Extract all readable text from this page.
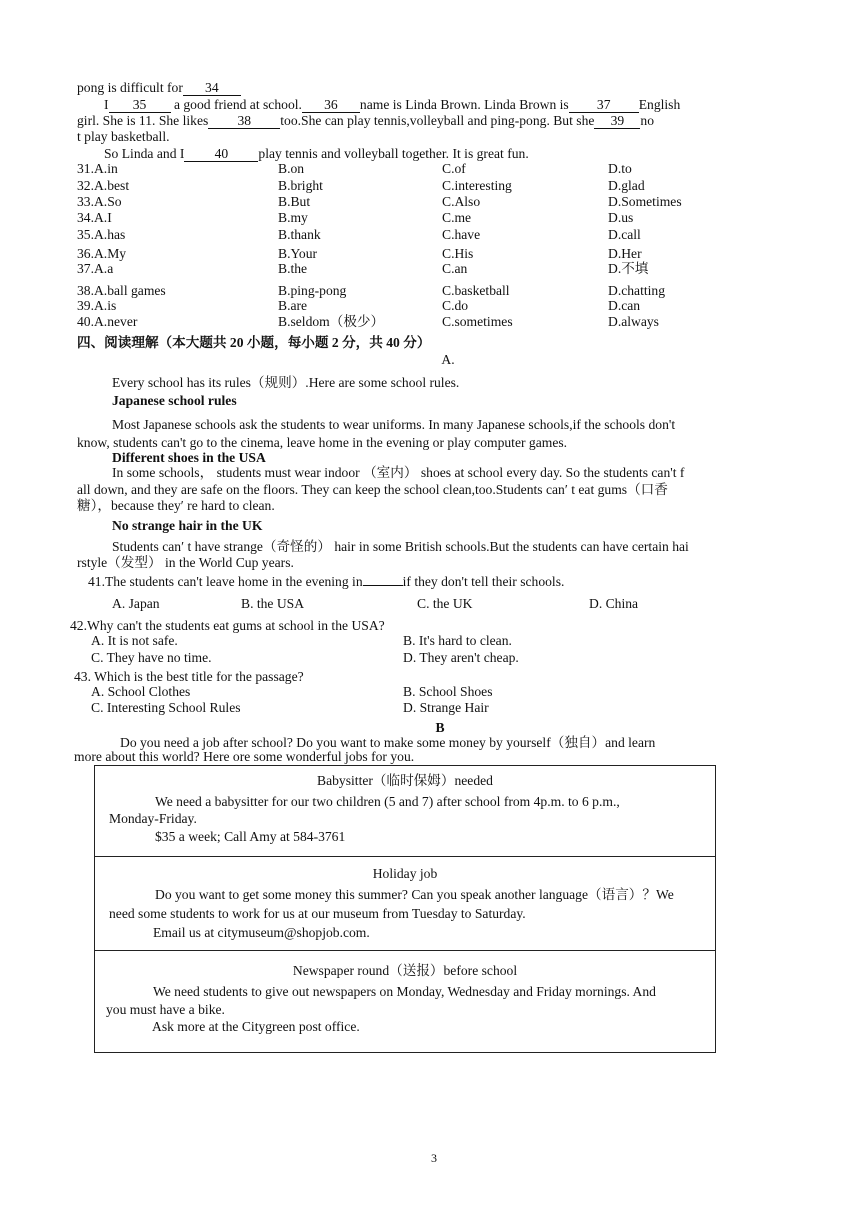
pong is difficult for 34
I 35 a good friend at school. 36 name is Linda Brown. Linda Brown is 37 English
girl. She is 11. She likes 38 too.She can play tennis,volleyball and ping-pong. But she 39 no
t play basketball.
So Linda and I 40 play tennis and volleyball together. It is great fun.
31.A.in	B.on	C.of	D.to
32.A.best	B.bright	C.interesting	D.glad
33.A.So	B.But	C.Also	D.Sometimes
34.A.I	B.my	C.me	D.us
35.A.has	B.thank	C.have	D.call
36.A.My	B.Your	C.His	D.Her
37.A.a	B.the	C.an	D.不填
38.A.ball games	B.ping-pong	C.basketball	D.chatting
39.A.is	B.are	C.do	D.can
40.A.never	B.seldom（极少）	C.sometimes	D.always
四、阅读理解（本大题共 20 小题，每小题 2 分，共 40 分）
A.
Every school has its rules（规则）.Here are some school rules.
Japanese school rules
Most Japanese schools ask the students to wear uniforms. In many Japanese schools,if the schools don't
know, students can't go to the cinema, leave home in the evening or play computer games.
Different shoes in the USA
In some schools， students must wear indoor （室内） shoes at school every day. So the students can't f
all down, and they are safe on the floors. They can keep the school clean,too.Students can′ t eat gums（口香
糖），because they′ re hard to clean.
No strange hair in the UK
Students can′ t have strange（奇怪的） hair in some British schools.But the students can have certain hai
rstyle（发型） in the World Cup years.
41.The students can't leave home in the evening in	if they don't tell their schools.
A. Japan	B. the USA	C. the UK	D. China
42.Why can't the students eat gums at school in the USA?
A. It is not safe.	B. It's hard to clean.
C. They have no time.	D. They aren't cheap.
43. Which is the best title for the passage?
A. School Clothes	B. School Shoes
C. Interesting School Rules	D. Strange Hair
B
Do you need a job after school? Do you want to make some money by yourself（独自）and learn
more about this world? Here ore some wonderful jobs for you.
Babysitter（临时保姆）needed
We need a babysitter for our two children (5 and 7) after school from 4p.m. to 6 p.m.,
Monday-Friday.
$35 a week; Call Amy at 584-3761
Holiday job
Do you want to get some money this summer? Can you speak another language（语言）？We
need some students to work for us at our museum from Tuesday to Saturday.
Email us at citymuseum@shopjob.com.
Newspaper round（送报）before school
We need students to give out newspapers on Monday, Wednesday and Friday mornings. And
you must have a bike.
Ask more at the Citygreen post office.
3
